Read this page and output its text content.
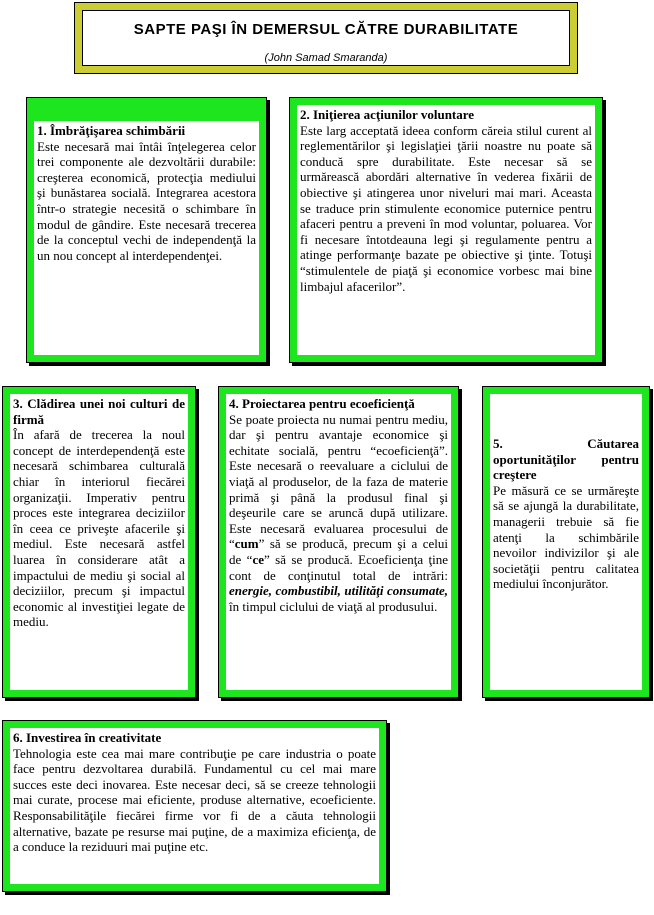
SAPTE PAŞI ÎN DEMERSUL CĂTRE DURABILITATE
(John Samad Smaranda)
1. Îmbrăţişarea schimbării
Este necesară mai întâi înţelegerea celor trei componente ale dezvoltării durabile: creşterea economică, protecţia mediului şi bunăstarea socială. Integrarea acestora într-o strategie necesită o schimbare în modul de gândire. Este necesară trecerea de la conceptul vechi de independenţă la un nou concept al interdependenţei.
2. Iniţierea acţiunilor voluntare
Este larg acceptată ideea conform căreia stilul curent al reglementărilor şi legislaţiei ţării noastre nu poate să conducă spre durabilitate. Este necesar să se urmărească abordări alternative în vederea fixării de obiective şi atingerea unor niveluri mai mari. Aceasta se traduce prin stimulente economice puternice pentru afaceri pentru a preveni în mod voluntar, poluarea. Vor fi necesare întotdeauna legi şi regulamente pentru a atinge performanţe bazate pe obiective şi ţinte. Totuşi “stimulentele de piaţă şi economice vorbesc mai bine limbajul afacerilor”.
3. Clădirea unei noi culturi de firmă
În afară de trecerea la noul concept de interdependenţă este necesară schimbarea culturală chiar în interiorul fiecărei organizaţii. Imperativ pentru proces este integrarea deciziilor în ceea ce priveşte afacerile şi mediul. Este necesară astfel luarea în considerare atât a impactului de mediu şi social al deciziilor, precum şi impactul economic al investiţiei legate de mediu.
4. Proiectarea pentru ecoeficienţă
Se poate proiecta nu numai pentru mediu, dar şi pentru avantaje economice şi echitate socială, pentru “ecoeficienţă”. Este necesară o reevaluare a ciclului de viaţă al produselor, de la faza de materie primă şi până la produsul final şi deşeurile care se aruncă după utilizare. Este necesară evaluarea procesului de “cum” să se producă, precum şi a celui de “ce” să se producă. Ecoeficienţa ţine cont de conţinutul total de intrări: energie, combustibil, utilităţi consumate, în timpul ciclului de viaţă al produsului.
5. Căutarea oportunităţilor pentru creştere
Pe măsură ce se urmăreşte să se ajungă la durabilitate, managerii trebuie să fie atenţi la schimbările nevoilor indivizilor şi ale societăţii pentru calitatea mediului înconjurător.
6. Investirea în creativitate
Tehnologia este cea mai mare contribuţie pe care industria o poate face pentru dezvoltarea durabilă. Fundamentul cu cel mai mare succes este deci inovarea. Este necesar deci, să se creeze tehnologii mai curate, procese mai eficiente, produse alternative, ecoeficiente. Responsabilităţile fiecărei firme vor fi de a căuta tehnologii alternative, bazate pe resurse mai puţine, de a maximiza eficienţa, de a conduce la reziduuri mai puţine etc.
